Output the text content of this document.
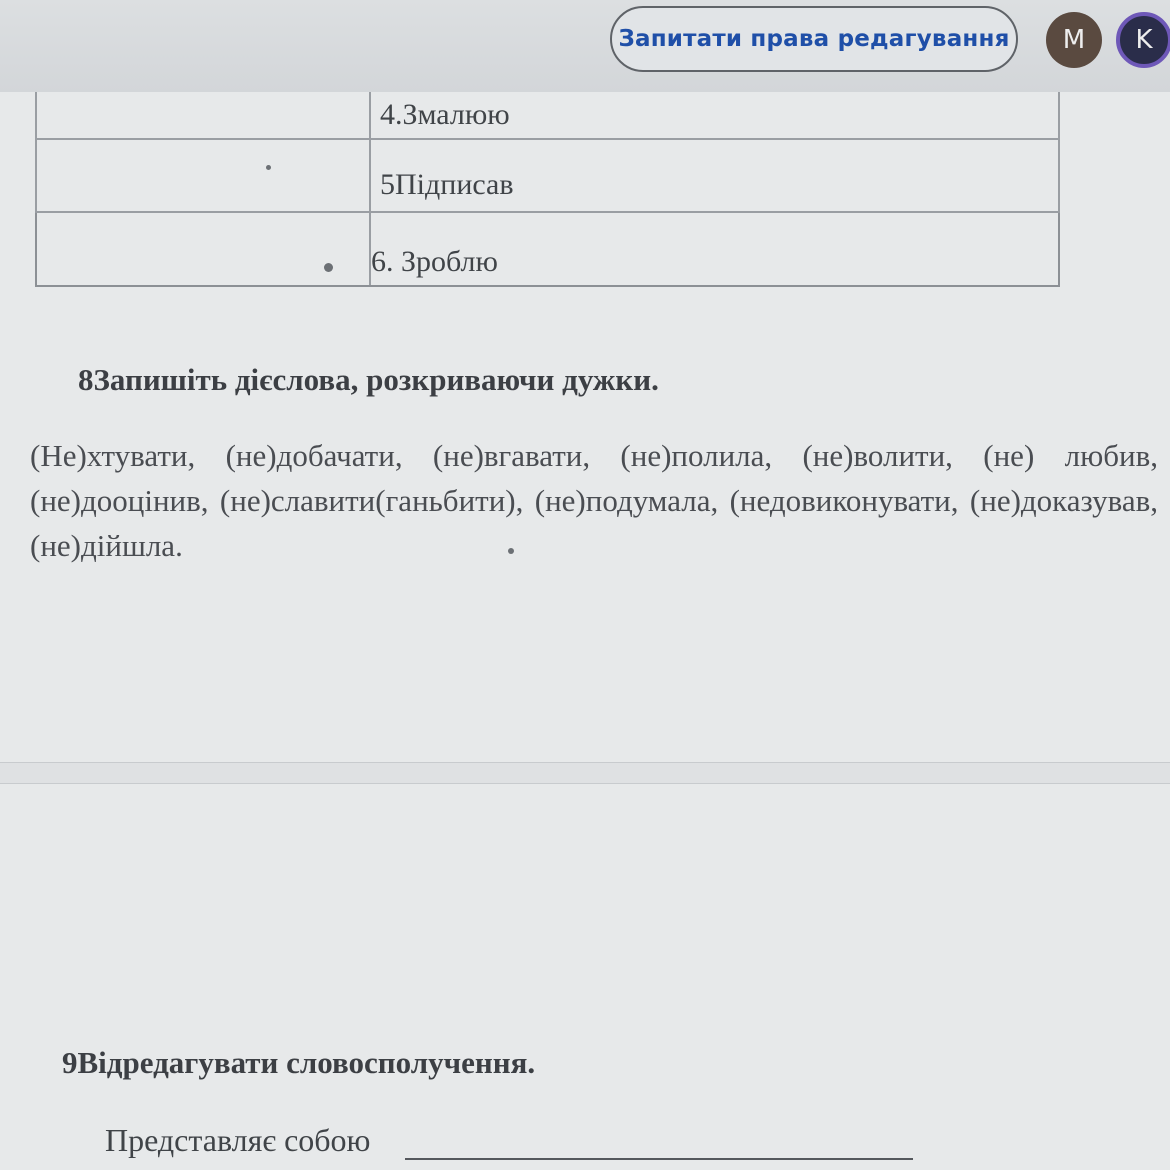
Запитати права редагування	M	K
4.Змалюю
5Підписав
6. Зроблю
8Запишіть дієслова, розкриваючи дужки.
(Не)хтувати, (не)добачати, (не)вгавати, (не)полила, (не)волити, (не) любив, (не)дооцінив, (не)славити(ганьбити), (не)подумала, (недовиконувати, (не)доказував, (не)дійшла.
9Відредагувати словосполучення.
Представляє собою
